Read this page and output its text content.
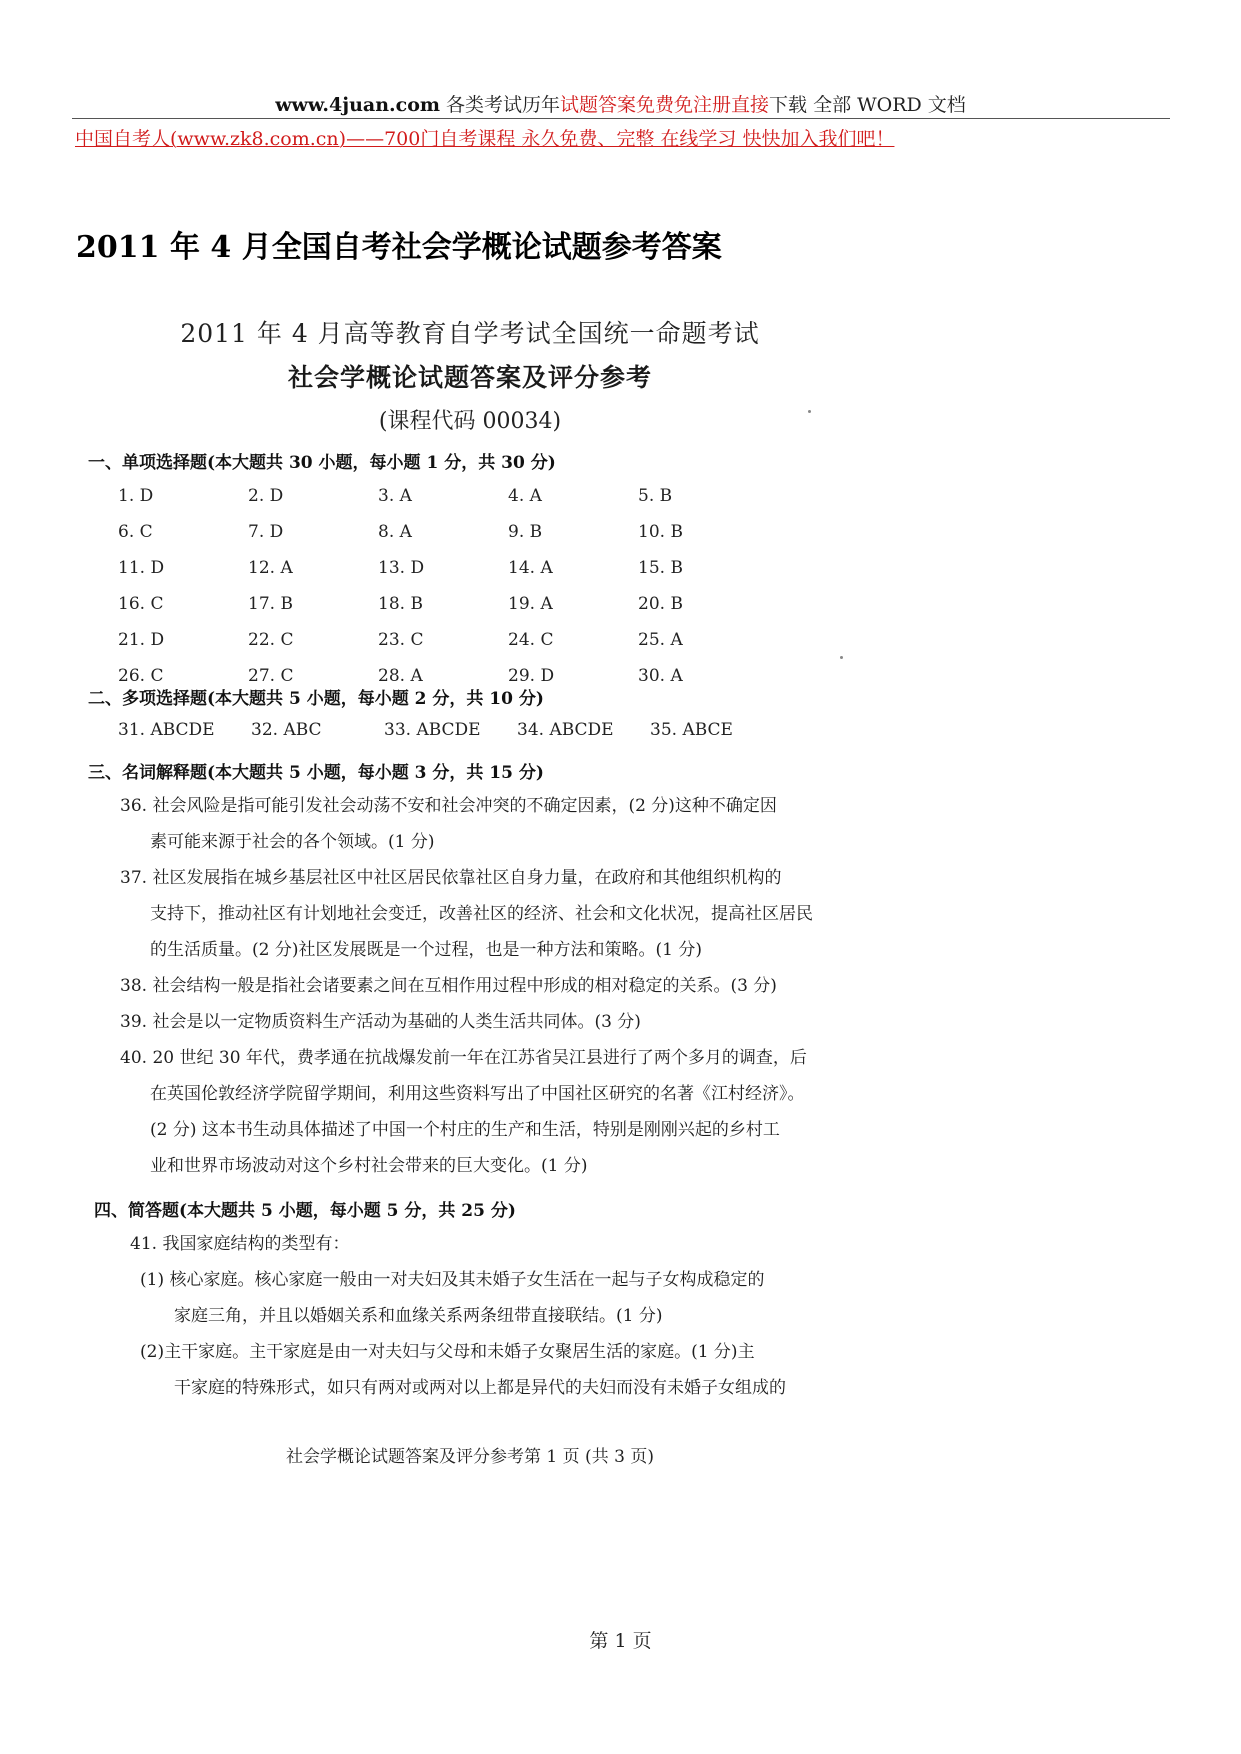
www.4juan.com 各类考试历年试题答案免费免注册直接下载 全部 WORD 文档
中国自考人(www.zk8.com.cn)——700门自考课程 永久免费、完整 在线学习 快快加入我们吧！
2011 年 4 月全国自考社会学概论试题参考答案
2011 年 4 月高等教育自学考试全国统一命题考试
社会学概论试题答案及评分参考
(课程代码 00034)
一、单项选择题(本大题共 30 小题，每小题 1 分，共 30 分)
1. D	2. D	3. A	4. A	5. B
6. C	7. D	8. A	9. B	10. B
11. D	12. A	13. D	14. A	15. B
16. C	17. B	18. B	19. A	20. B
21. D	22. C	23. C	24. C	25. A
26. C	27. C	28. A	29. D	30. A
二、多项选择题(本大题共 5 小题，每小题 2 分，共 10 分)
31. ABCDE	32. ABC	33. ABCDE	34. ABCDE	35. ABCE
三、名词解释题(本大题共 5 小题，每小题 3 分，共 15 分)
36. 社会风险是指可能引发社会动荡不安和社会冲突的不确定因素，(2 分)这种不确定因
素可能来源于社会的各个领域。(1 分)
37. 社区发展指在城乡基层社区中社区居民依靠社区自身力量，在政府和其他组织机构的
支持下，推动社区有计划地社会变迁，改善社区的经济、社会和文化状况，提高社区居民
的生活质量。(2 分)社区发展既是一个过程，也是一种方法和策略。(1 分)
38. 社会结构一般是指社会诸要素之间在互相作用过程中形成的相对稳定的关系。(3 分)
39. 社会是以一定物质资料生产活动为基础的人类生活共同体。(3 分)
40. 20 世纪 30 年代，费孝通在抗战爆发前一年在江苏省吴江县进行了两个多月的调查，后
在英国伦敦经济学院留学期间，利用这些资料写出了中国社区研究的名著《江村经济》。
(2 分) 这本书生动具体描述了中国一个村庄的生产和生活，特别是刚刚兴起的乡村工
业和世界市场波动对这个乡村社会带来的巨大变化。(1 分)
四、简答题(本大题共 5 小题，每小题 5 分，共 25 分)
41. 我国家庭结构的类型有：
(1) 核心家庭。核心家庭一般由一对夫妇及其未婚子女生活在一起与子女构成稳定的
家庭三角，并且以婚姻关系和血缘关系两条纽带直接联结。(1 分)
(2)主干家庭。主干家庭是由一对夫妇与父母和未婚子女聚居生活的家庭。(1 分)主
干家庭的特殊形式，如只有两对或两对以上都是异代的夫妇而没有未婚子女组成的
社会学概论试题答案及评分参考第 1 页 (共 3 页)
第 1 页
